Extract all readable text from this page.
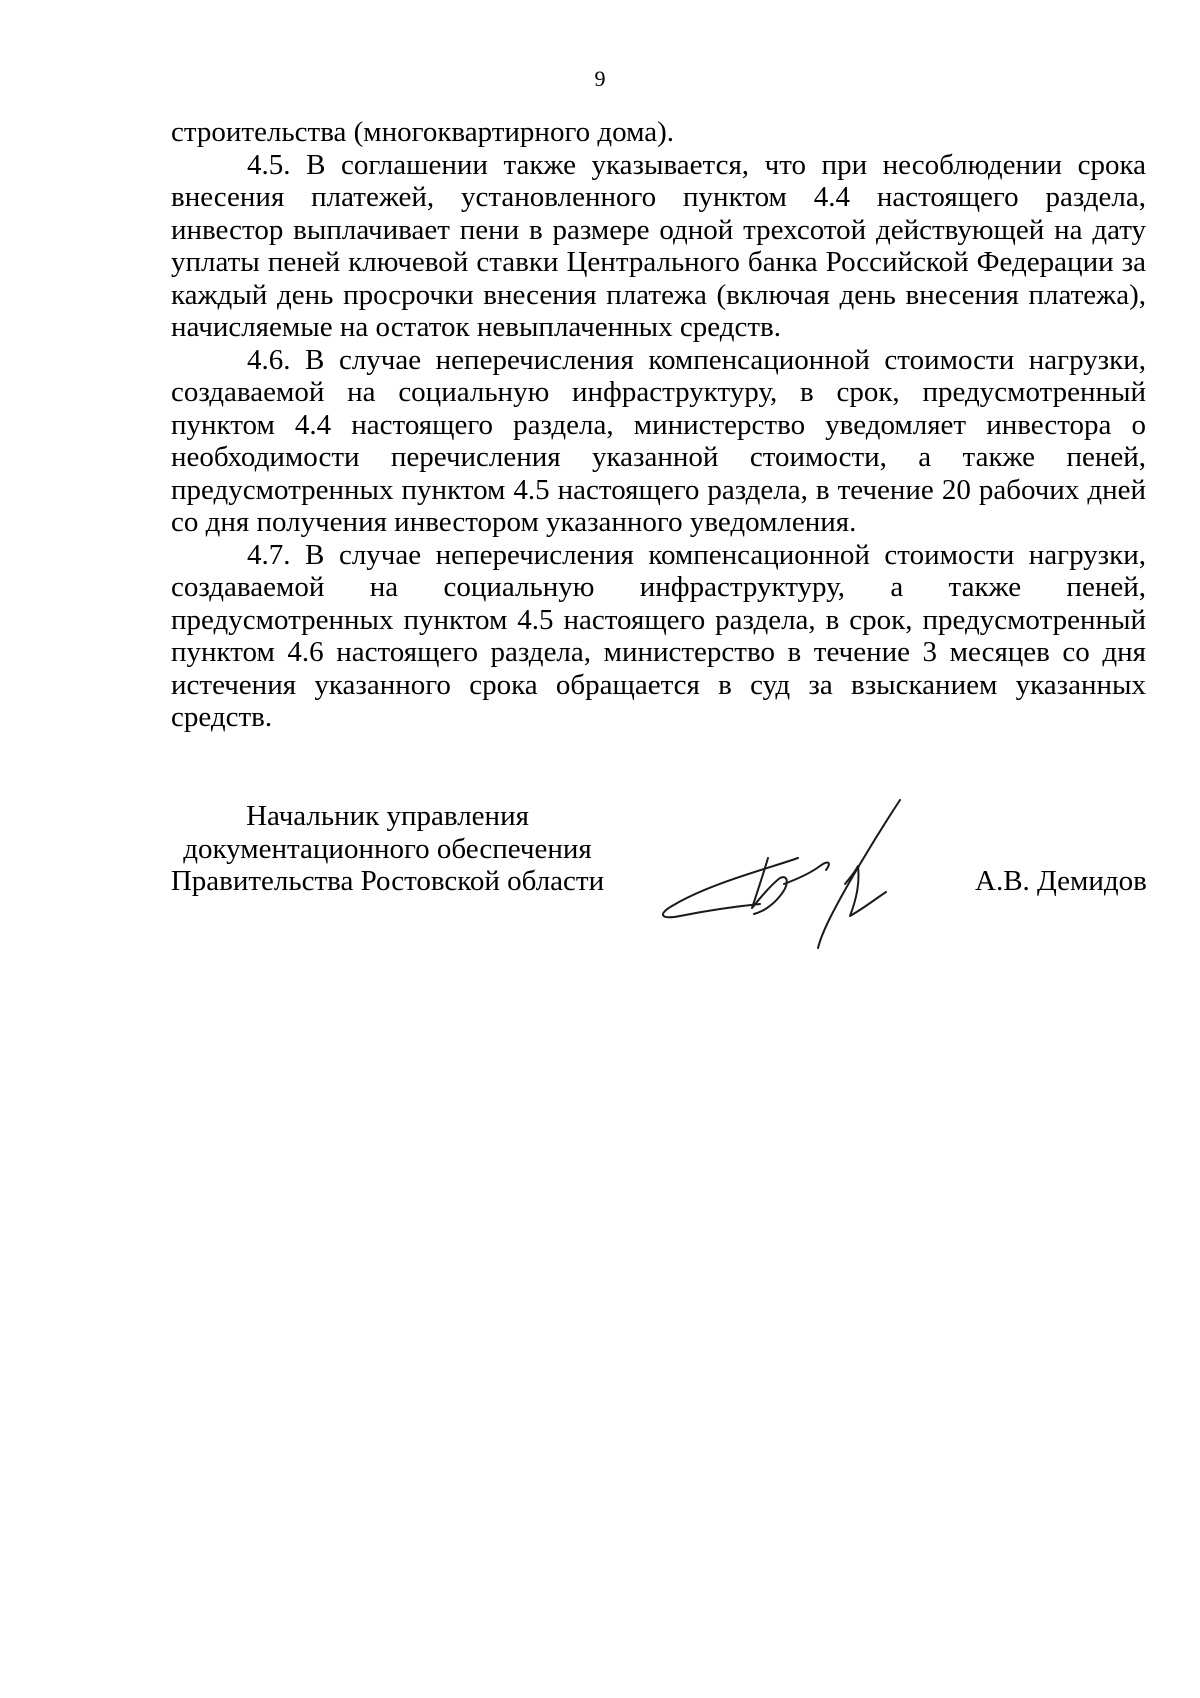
9

строительства (многоквартирного дома).

4.5. В соглашении также указывается, что при несоблюдении срока внесения платежей, установленного пунктом 4.4 настоящего раздела, инвестор выплачивает пени в размере одной трехсотой действующей на дату уплаты пеней ключевой ставки Центрального банка Российской Федерации за каждый день просрочки внесения платежа (включая день внесения платежа), начисляемые на остаток невыплаченных средств.

4.6. В случае неперечисления компенсационной стоимости нагрузки, создаваемой на социальную инфраструктуру, в срок, предусмотренный пунктом 4.4 настоящего раздела, министерство уведомляет инвестора о необходимости перечисления указанной стоимости, а также пеней, предусмотренных пунктом 4.5 настоящего раздела, в течение 20 рабочих дней со дня получения инвестором указанного уведомления.

4.7. В случае неперечисления компенсационной стоимости нагрузки, создаваемой на социальную инфраструктуру, а также пеней, предусмотренных пунктом 4.5 настоящего раздела, в срок, предусмотренный пунктом 4.6 настоящего раздела, министерство в течение 3 месяцев со дня истечения указанного срока обращается в суд за взысканием указанных средств.

Начальник управления
документационного обеспечения
Правительства Ростовской области	А.В. Демидов
